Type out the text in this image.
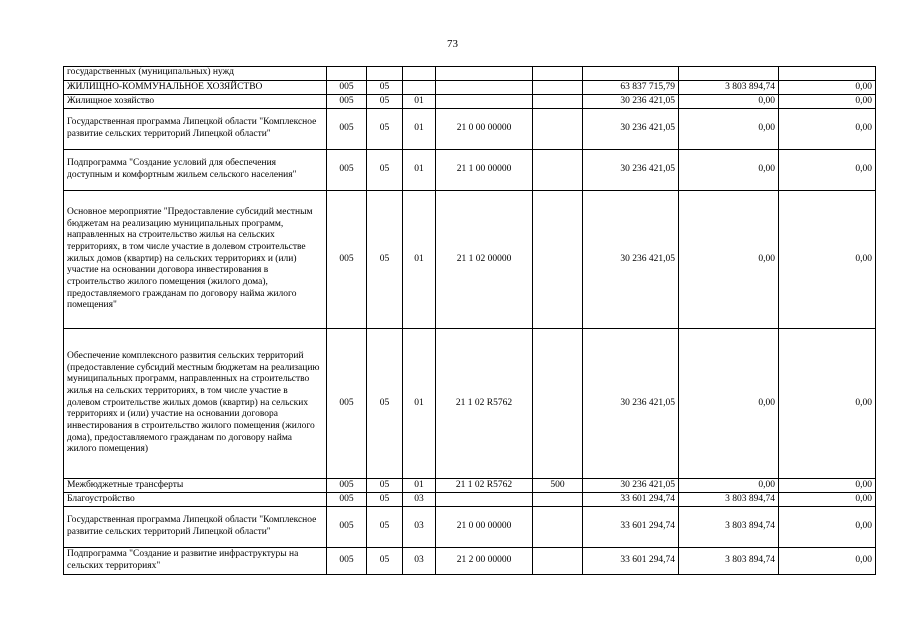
73
государственных (муниципальных) нужд								
ЖИЛИЩНО-КОММУНАЛЬНОЕ ХОЗЯЙСТВО	005	05				63 837 715,79	3 803 894,74	0,00
Жилищное хозяйство	005	05	01			30 236 421,05	0,00	0,00
Государственная программа Липецкой области "Комплексное развитие сельских территорий Липецкой области"	005	05	01	21 0 00 00000		30 236 421,05	0,00	0,00
Подпрограмма "Создание условий для обеспечения доступным и комфортным жильем сельского населения"	005	05	01	21 1 00 00000		30 236 421,05	0,00	0,00
Основное мероприятие "Предоставление субсидий местным бюджетам на реализацию муниципальных программ, направленных на строительство жилья на сельских территориях, в том числе участие в долевом строительстве жилых домов (квартир) на сельских территориях и (или) участие на основании договора инвестирования в строительство жилого помещения (жилого дома), предоставляемого гражданам по договору найма жилого помещения"	005	05	01	21 1 02 00000		30 236 421,05	0,00	0,00
Обеспечение комплексного развития сельских территорий (предоставление субсидий местным бюджетам на реализацию муниципальных программ, направленных на строительство жилья на сельских территориях, в том числе участие в долевом строительстве жилых домов (квартир) на сельских территориях и (или) участие на основании договора инвестирования в строительство жилого помещения (жилого дома), предоставляемого гражданам по договору найма жилого помещения)	005	05	01	21 1 02 R5762		30 236 421,05	0,00	0,00
Межбюджетные трансферты	005	05	01	21 1 02 R5762	500	30 236 421,05	0,00	0,00
Благоустройство	005	05	03			33 601 294,74	3 803 894,74	0,00
Государственная программа Липецкой области "Комплексное развитие сельских территорий Липецкой области"	005	05	03	21 0 00 00000		33 601 294,74	3 803 894,74	0,00
Подпрограмма "Создание и развитие инфраструктуры на сельских территориях"	005	05	03	21 2 00 00000		33 601 294,74	3 803 894,74	0,00
